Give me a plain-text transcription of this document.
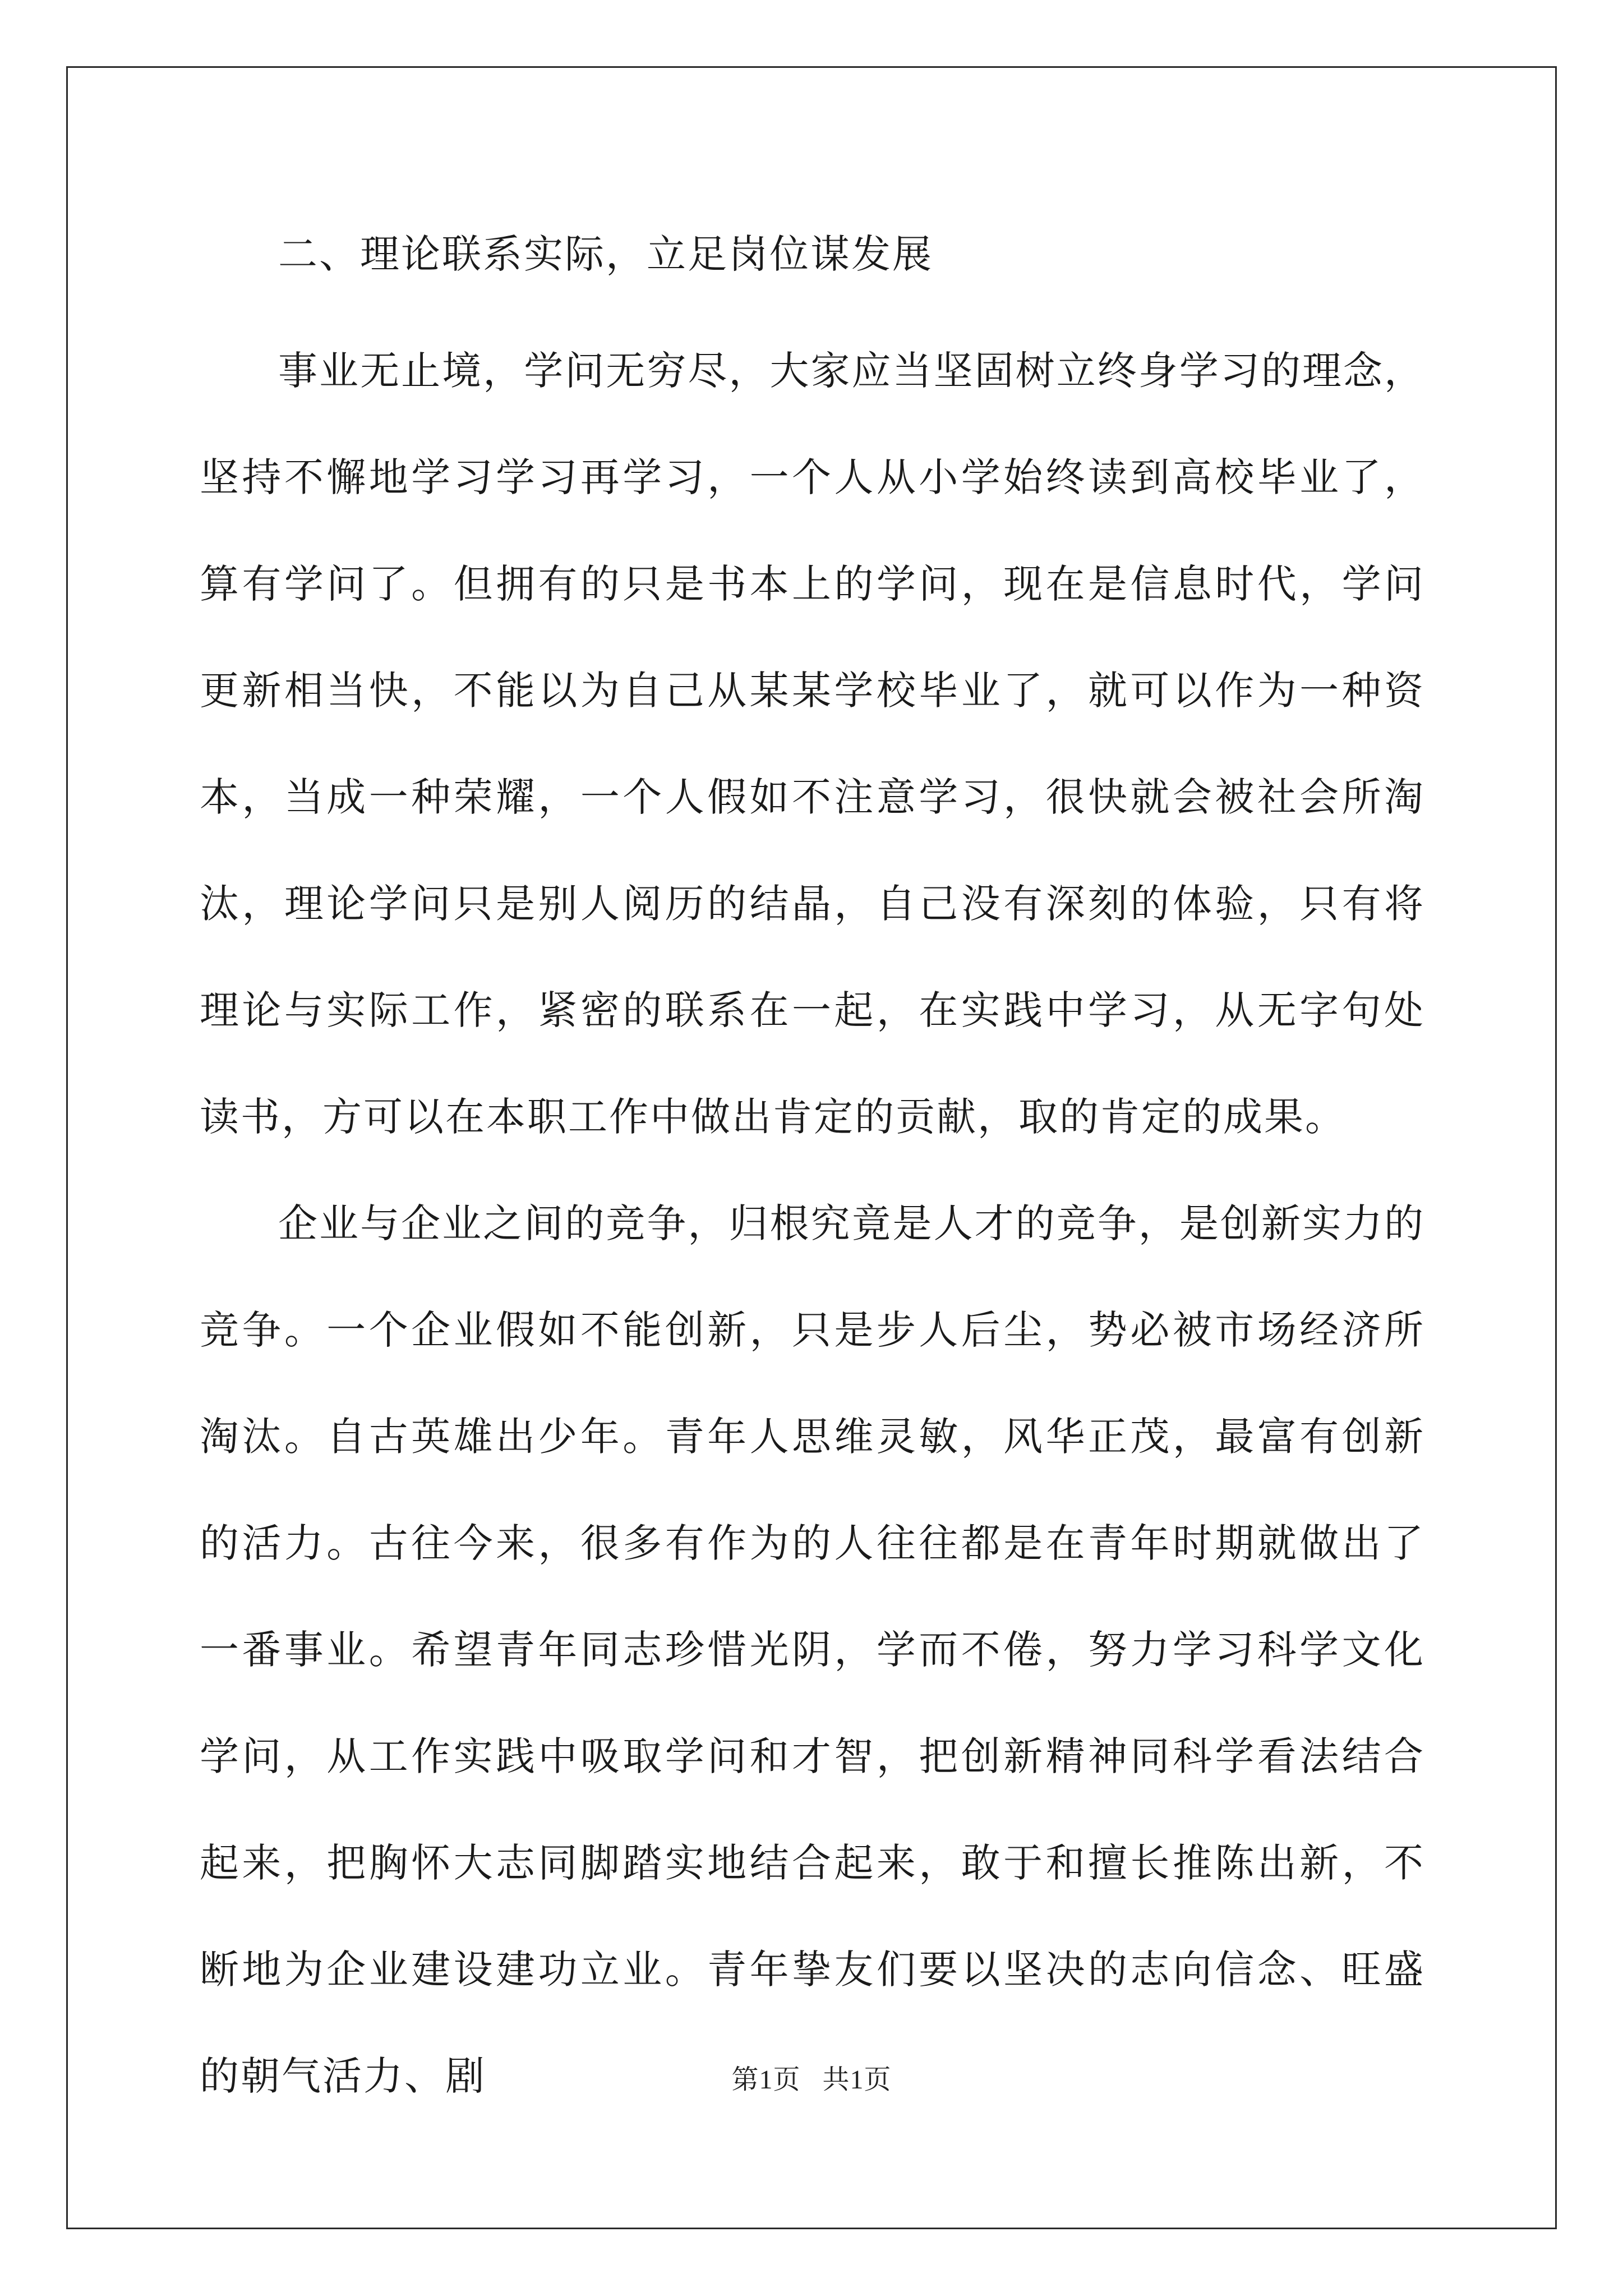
二、理论联系实际，立足岗位谋发展

事业无止境，学问无穷尽，大家应当坚固树立终身学习的理念，坚持不懈地学习学习再学习，一个人从小学始终读到高校毕业了，算有学问了。但拥有的只是书本上的学问，现在是信息时代，学问更新相当快，不能以为自己从某某学校毕业了，就可以作为一种资本，当成一种荣耀，一个人假如不注意学习，很快就会被社会所淘汰，理论学问只是别人阅历的结晶，自己没有深刻的体验，只有将理论与实际工作，紧密的联系在一起，在实践中学习，从无字句处读书，方可以在本职工作中做出肯定的贡献，取的肯定的成果。

企业与企业之间的竞争，归根究竟是人才的竞争，是创新实力的竞争。一个企业假如不能创新，只是步人后尘，势必被市场经济所淘汰。自古英雄出少年。青年人思维灵敏，风华正茂，最富有创新的活力。古往今来，很多有作为的人往往都是在青年时期就做出了一番事业。希望青年同志珍惜光阴，学而不倦，努力学习科学文化学问，从工作实践中吸取学问和才智，把创新精神同科学看法结合起来，把胸怀大志同脚踏实地结合起来，敢于和擅长推陈出新，不断地为企业建设建功立业。青年挚友们要以坚决的志向信念、旺盛的朝气活力、剧	第1页 共1页
